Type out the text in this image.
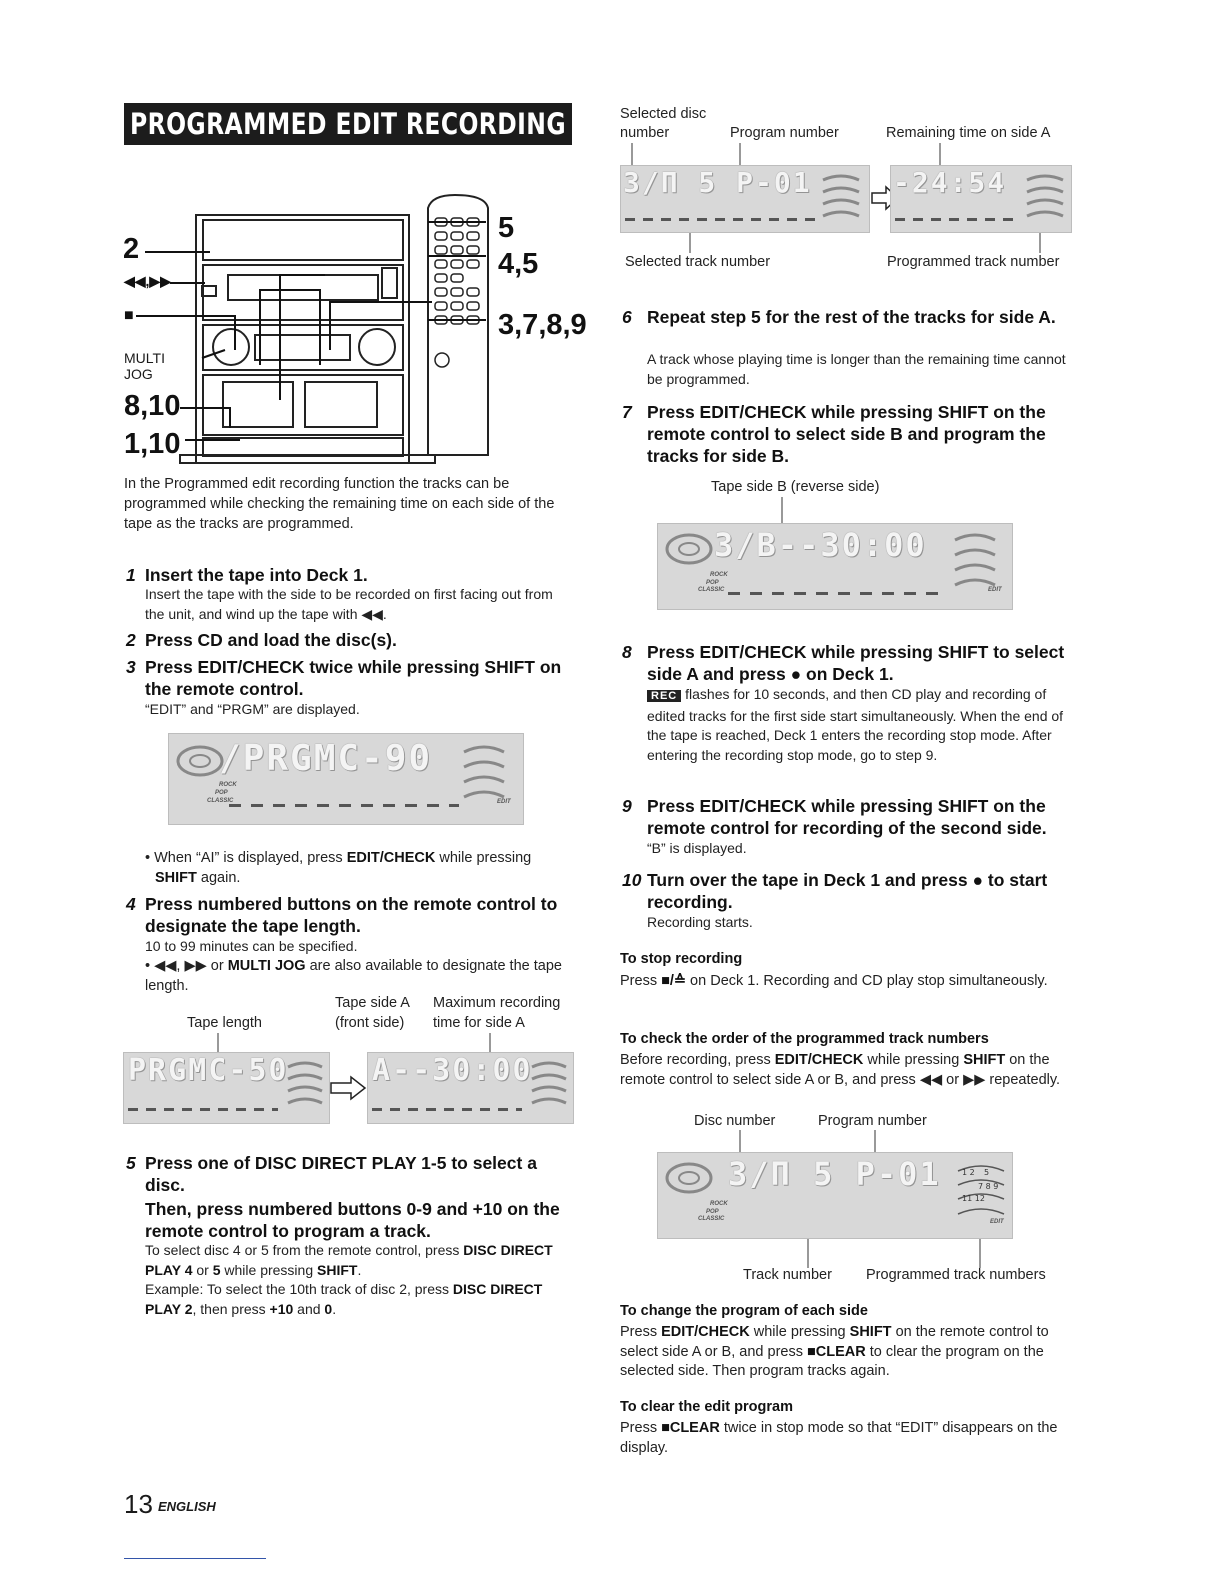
PROGRAMMED EDIT RECORDING
2
◀◀,▶▶
■
MULTI
JOG
8,10
1,10
5
4,5
3,7,8,9
In the Programmed edit recording function the tracks can be programmed while checking the remaining time on each side of the tape as the tracks are programmed.
1 Insert the tape into Deck 1.
Insert the tape with the side to be recorded on first facing out from the unit, and wind up the tape with ◀◀.
2 Press CD and load the disc(s).
3 Press EDIT/CHECK twice while pressing SHIFT on the remote control.
“EDIT” and “PRGM” are displayed.
/PRGMC-90
ROCK
POP
CLASSIC	EDIT
• When “AI” is displayed, press EDIT/CHECK while pressing
SHIFT again.
4 Press numbered buttons on the remote control to designate the tape length.
10 to 99 minutes can be specified.
• ◀◀, ▶▶ or MULTI JOG are also available to designate the tape length.
Tape side A Maximum recording
Tape length	(front side) time for side A
PRGMC-50	A--30:00
5 Press one of DISC DIRECT PLAY 1-5 to select a disc.
Then, press numbered buttons 0-9 and +10 on the remote control to program a track.
To select disc 4 or 5 from the remote control, press DISC DIRECT PLAY 4 or 5 while pressing SHIFT.
Example: To select the 10th track of disc 2, press DISC DIRECT PLAY 2, then press +10 and 0.
Selected disc
number	Program number	Remaining time on side A
3/Π 5 P-01	-24:54
Selected track number	Programmed track number
6 Repeat step 5 for the rest of the tracks for side A.
A track whose playing time is longer than the remaining time cannot be programmed.
7 Press EDIT/CHECK while pressing SHIFT on the remote control to select side B and program the tracks for side B.
Tape side B (reverse side)
3/B--30:00
ROCK
POP
CLASSIC	EDIT
8 Press EDIT/CHECK while pressing SHIFT to select side A and press ● on Deck 1.
REC flashes for 10 seconds, and then CD play and recording of edited tracks for the first side start simultaneously. When the end of the tape is reached, Deck 1 enters the recording stop mode. After entering the recording stop mode, go to step 9.
9 Press EDIT/CHECK while pressing SHIFT on the remote control for recording of the second side.
“B” is displayed.
10 Turn over the tape in Deck 1 and press ● to start recording.
Recording starts.
To stop recording
Press ■/≙ on Deck 1. Recording and CD play stop simultaneously.
To check the order of the programmed track numbers
Before recording, press EDIT/CHECK while pressing SHIFT on the remote control to select side A or B, and press ◀◀ or ▶▶ repeatedly.
Disc number	Program number
3/Π 5 P-01	1 2 5
7 8 9
11 12
ROCK
POP
CLASSIC	EDIT
Track number Programmed track numbers
To change the program of each side
Press EDIT/CHECK while pressing SHIFT on the remote control to select side A or B, and press ■CLEAR to clear the program on the selected side. Then program tracks again.
To clear the edit program
Press ■CLEAR twice in stop mode so that “EDIT” disappears on the display.
13 ENGLISH
